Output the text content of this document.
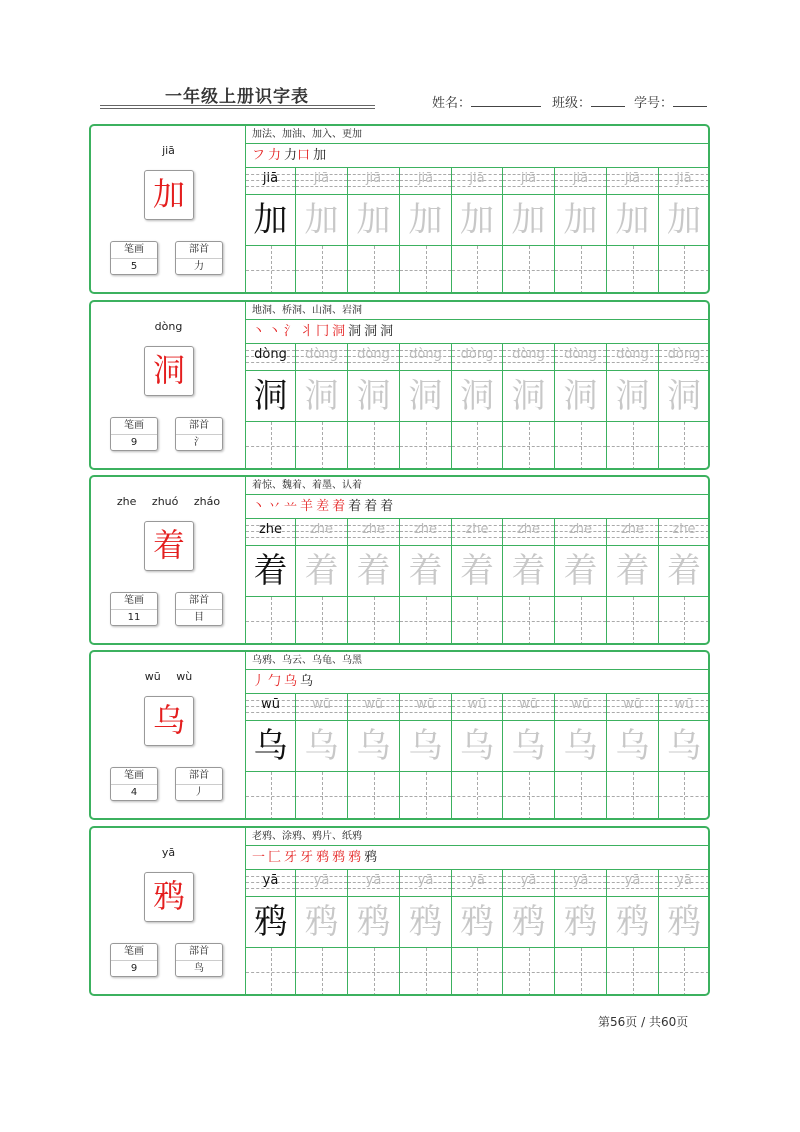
一年级上册识字表	姓名：	班级：	学号：
jiā
加
笔画
5
部首
力
加法、加油、加入、更加
フ 力 力口 加
jiā	jiā	jiā	jiā	jiā	jiā	jiā	jiā	jiā
加 加 加 加 加 加 加 加 加
dòng
洞
笔画
9
部首
氵
地洞、桥洞、山洞、岩洞
丶 丶 氵 丬 冂 洞 洞 洞 洞
dòng	dòng	dòng	dòng	dòng	dòng	dòng	dòng	dòng
洞 洞 洞 洞 洞 洞 洞 洞 洞
zhe zhuó zháo
着
笔画
11
部首
目
着惊、魏着、着墨、认着
丶 丷 䒑 羊 差 着 着 着 着
zhe	zhe	zhe	zhe	zhe	zhe	zhe	zhe	zhe
着 着 着 着 着 着 着 着 着
wū wù
乌
笔画
4
部首
丿
乌鸦、乌云、乌龟、乌黑
丿 勹 乌 乌
wū	wū	wū	wū	wū	wū	wū	wū	wū
乌 乌 乌 乌 乌 乌 乌 乌 乌
yā
鸦
笔画
9
部首
鸟
老鸦、涂鸦、鸦片、纸鸦
一 匚 牙 牙 鸦 鸦 鸦 鸦
yā	yā	yā	yā	yā	yā	yā	yā	yā
鸦 鸦 鸦 鸦 鸦 鸦 鸦 鸦 鸦
第56页 / 共60页
